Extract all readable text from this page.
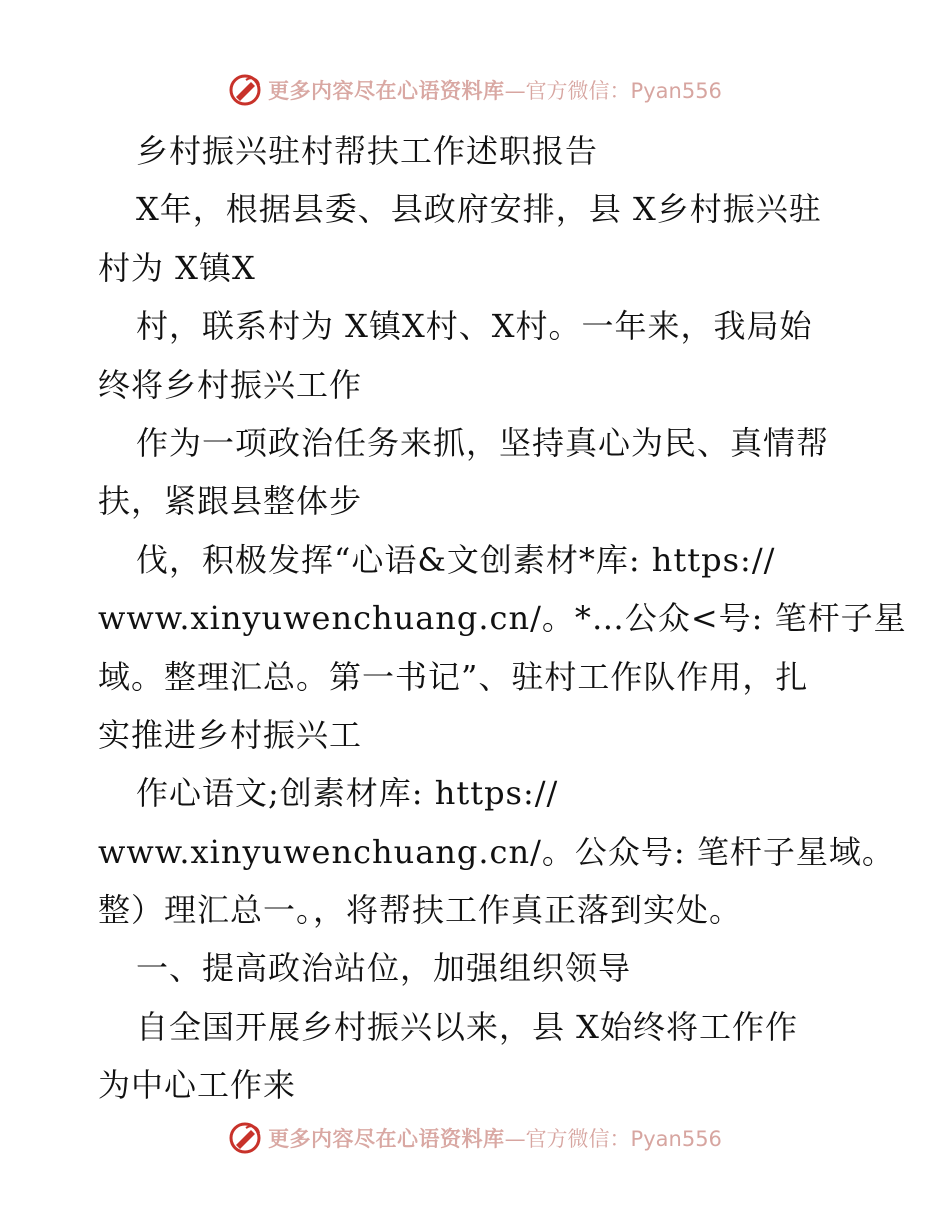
更多内容尽在心语资料库 —官方微信：Pyan556
乡村振兴驻村帮扶工作述职报告
X年，根据县委、县政府安排，县 X乡村振兴驻
村为 X镇X
村，联系村为 X镇X村、X村。一年来，我局始
终将乡村振兴工作
作为一项政治任务来抓，坚持真心为民、真情帮
扶，紧跟县整体步
伐，积极发挥“心语&文创素材*库: https://
www.xinyuwenchuang.cn/。*…公众<号: 笔杆子星
域。整理汇总。第一书记”、驻村工作队作用，扎
实推进乡村振兴工
作心语文;创素材库: https://
www.xinyuwenchuang.cn/。公众号: 笔杆子星域。
整）理汇总一。，将帮扶工作真正落到实处。
一、提高政治站位，加强组织领导
自全国开展乡村振兴以来，县 X始终将工作作
为中心工作来
更多内容尽在心语资料库 —官方微信：Pyan556
